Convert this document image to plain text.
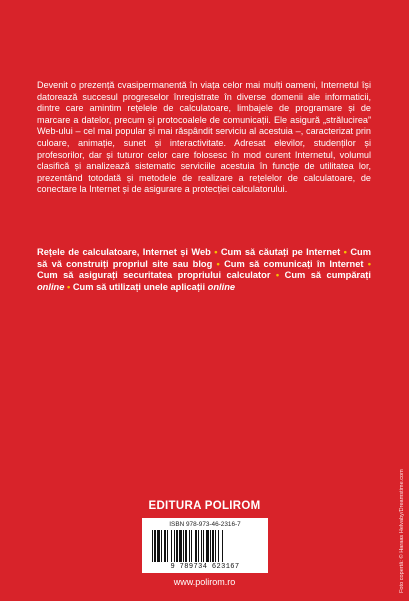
Devenit o prezență cvasipermanentă în viața celor mai mulți oameni, Internetul își datorează succesul progreselor înregistrate în diverse domenii ale informaticii, dintre care amintim rețelele de calculatoare, limbajele de programare și de marcare a datelor, precum și protocoalele de comunicații. Ele asigură „strălucirea” Web-ului – cel mai popular și mai răspândit serviciu al acestuia –, caracterizat prin culoare, animație, sunet și interactivitate. Adresat elevilor, studenților și profesorilor, dar și tuturor celor care folosesc în mod curent Internetul, volumul clasifică și analizează sistematic serviciile acestuia în funcție de utilitatea lor, prezentând totodată și metodele de realizare a rețelelor de calculatoare, de conectare la Internet și de asigurare a protecției calculatorului.

Rețele de calculatoare, Internet și Web • Cum să căutați pe Internet • Cum să vă construiți propriul site sau blog • Cum să comunicați în Internet • Cum să asigurați securitatea propriului calculator • Cum să cumpărați online • Cum să utilizați unele aplicații online

Foto copertă: © Haraas Helvaby/Dreamstime.com
EDITURA POLIROM
ISBN 978-973-46-2316-7
9 789734 623167
www.polirom.ro
